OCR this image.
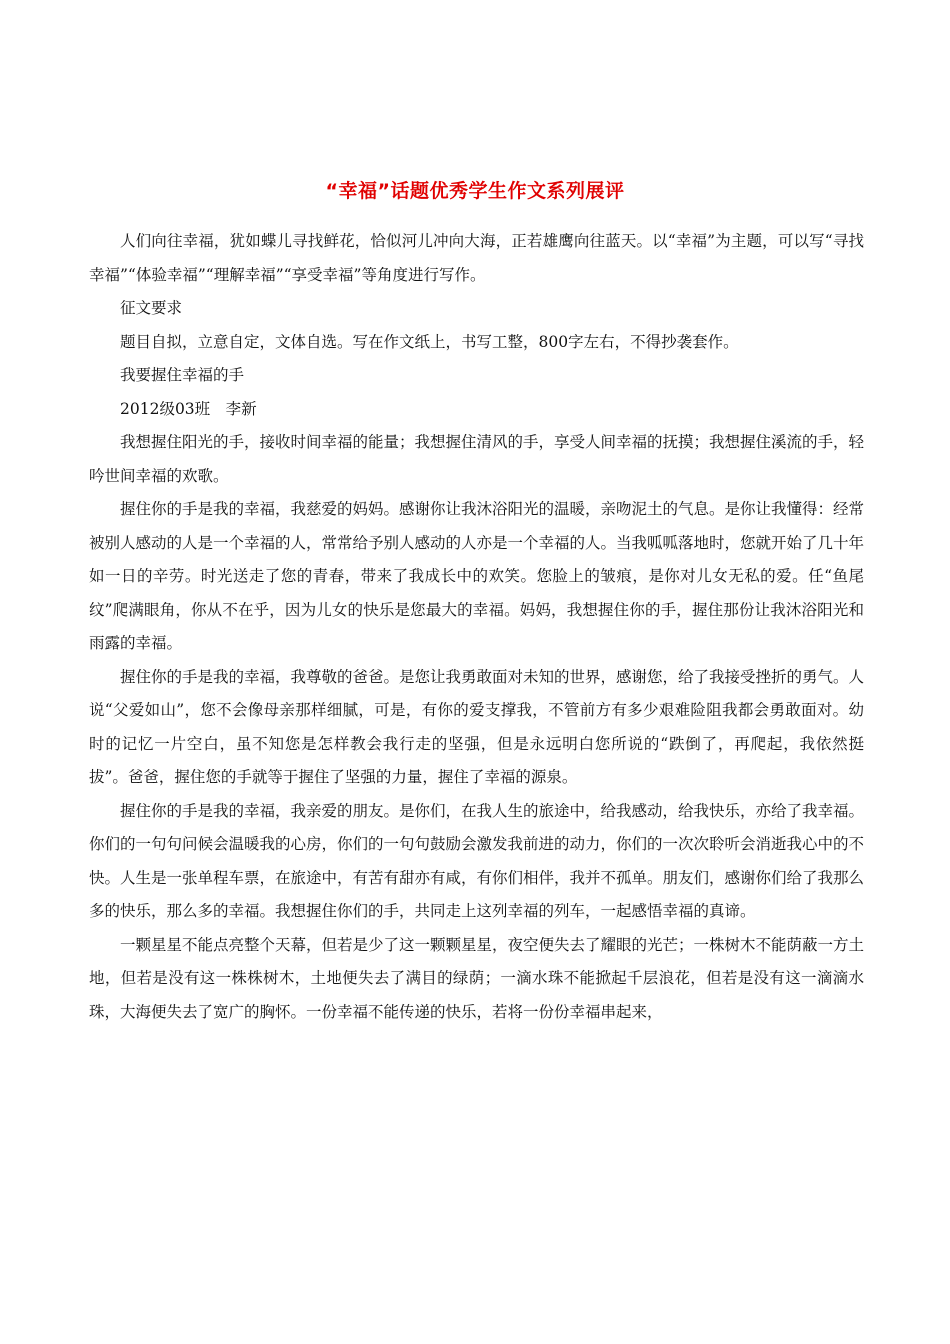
“幸福”话题优秀学生作文系列展评

人们向往幸福，犹如蝶儿寻找鲜花，恰似河儿冲向大海，正若雄鹰向往蓝天。以“幸福”为主题，可以写“寻找幸福”“体验幸福”“理解幸福”“享受幸福”等角度进行写作。

征文要求

题目自拟，立意自定，文体自选。写在作文纸上，书写工整，800字左右，不得抄袭套作。

我要握住幸福的手

2012级03班　李新

我想握住阳光的手，接收时间幸福的能量；我想握住清风的手，享受人间幸福的抚摸；我想握住溪流的手，轻吟世间幸福的欢歌。

握住你的手是我的幸福，我慈爱的妈妈。感谢你让我沐浴阳光的温暖，亲吻泥土的气息。是你让我懂得：经常被别人感动的人是一个幸福的人，常常给予别人感动的人亦是一个幸福的人。当我呱呱落地时，您就开始了几十年如一日的辛劳。时光送走了您的青春，带来了我成长中的欢笑。您脸上的皱痕，是你对儿女无私的爱。任“鱼尾纹”爬满眼角，你从不在乎，因为儿女的快乐是您最大的幸福。妈妈，我想握住你的手，握住那份让我沐浴阳光和雨露的幸福。

握住你的手是我的幸福，我尊敬的爸爸。是您让我勇敢面对未知的世界，感谢您，给了我接受挫折的勇气。人说“父爱如山”，您不会像母亲那样细腻，可是，有你的爱支撑我，不管前方有多少艰难险阻我都会勇敢面对。幼时的记忆一片空白，虽不知您是怎样教会我行走的坚强，但是永远明白您所说的“跌倒了，再爬起，我依然挺拔”。爸爸，握住您的手就等于握住了坚强的力量，握住了幸福的源泉。

握住你的手是我的幸福，我亲爱的朋友。是你们，在我人生的旅途中，给我感动，给我快乐，亦给了我幸福。你们的一句句问候会温暖我的心房，你们的一句句鼓励会激发我前进的动力，你们的一次次聆听会消逝我心中的不快。人生是一张单程车票，在旅途中，有苦有甜亦有咸，有你们相伴，我并不孤单。朋友们，感谢你们给了我那么多的快乐，那么多的幸福。我想握住你们的手，共同走上这列幸福的列车，一起感悟幸福的真谛。

一颗星星不能点亮整个天幕，但若是少了这一颗颗星星，夜空便失去了耀眼的光芒；一株树木不能荫蔽一方土地，但若是没有这一株株树木，土地便失去了满目的绿荫；一滴水珠不能掀起千层浪花，但若是没有这一滴滴水珠，大海便失去了宽广的胸怀。一份幸福不能传递的快乐，若将一份份幸福串起来，
